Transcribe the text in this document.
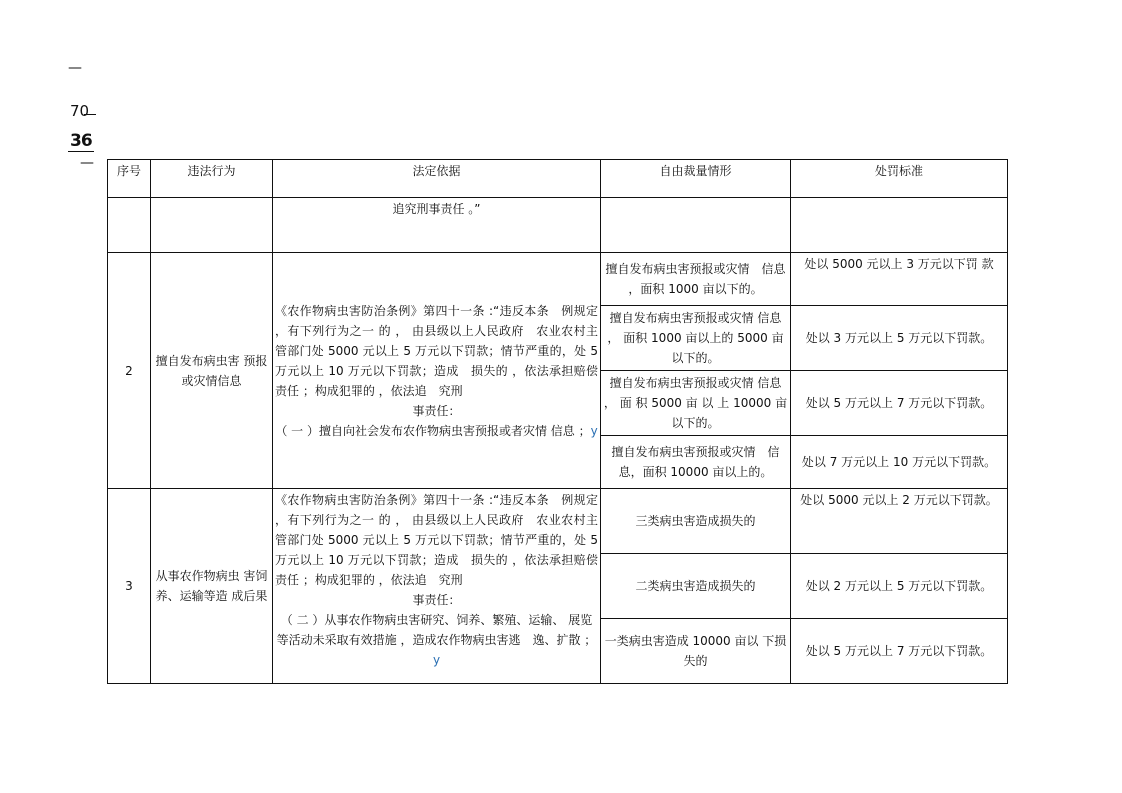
—
70
36
— 序号	违法行为	法定依据	自由裁量情形	处罚标准
		追究刑事责任 。”		
2	擅自发布病虫害 预报或灾情信息	《农作物病虫害防治条例》第四十一条 :“违反本条　例规定 ，有下列行为之一 的 ， 由县级以上人民政府　农业农村主管部门处 5000 元以上 5 万元以下罚款；情节严重的，处 5 万元以上 10 万元以下罚款；造成　损失的 ，依法承担赔偿责任 ；构成犯罪的 ，依法追　究刑

事责任：

（ 一 ）擅自向社会发布农作物病虫害预报或者灾情 信息 ；y	擅自发布病虫害预报或灾情　信息 ，面积 1000 亩以下的。	处以 5000 元以上 3 万元以下罚 款
			擅自发布病虫害预报或灾情 信息 ， 面积 1000 亩以上的 5000 亩以下的。	处以 3 万元以上 5 万元以下罚款。
			擅自发布病虫害预报或灾情 信息 ， 面 积 5000 亩 以 上 10000 亩以下的。	处以 5 万元以上 7 万元以下罚款。
			擅自发布病虫害预报或灾情　信息，面积 10000 亩以上的。	处以 7 万元以上 10 万元以下罚款。
3	从事农作物病虫 害饲养、运输等造 成后果	《农作物病虫害防治条例》第四十一条 :“违反本条　例规定 ，有下列行为之一 的 ， 由县级以上人民政府　农业农村主管部门处 5000 元以上 5 万元以下罚款；情节严重的，处 5 万元以上 10 万元以下罚款；造成　损失的 ，依法承担赔偿责任 ；构成犯罪的 ，依法追　究刑

事责任：

（ 二 ）从事农作物病虫害研究、饲养、繁殖、运输、 展览等活动未采取有效措施 ，造成农作物病虫害逃　逸、扩散 ；y	三类病虫害造成损失的	处以 5000 元以上 2 万元以下罚款。
			二类病虫害造成损失的	处以 2 万元以上 5 万元以下罚款。
			一类病虫害造成 10000 亩以 下损失的	处以 5 万元以上 7 万元以下罚款。
